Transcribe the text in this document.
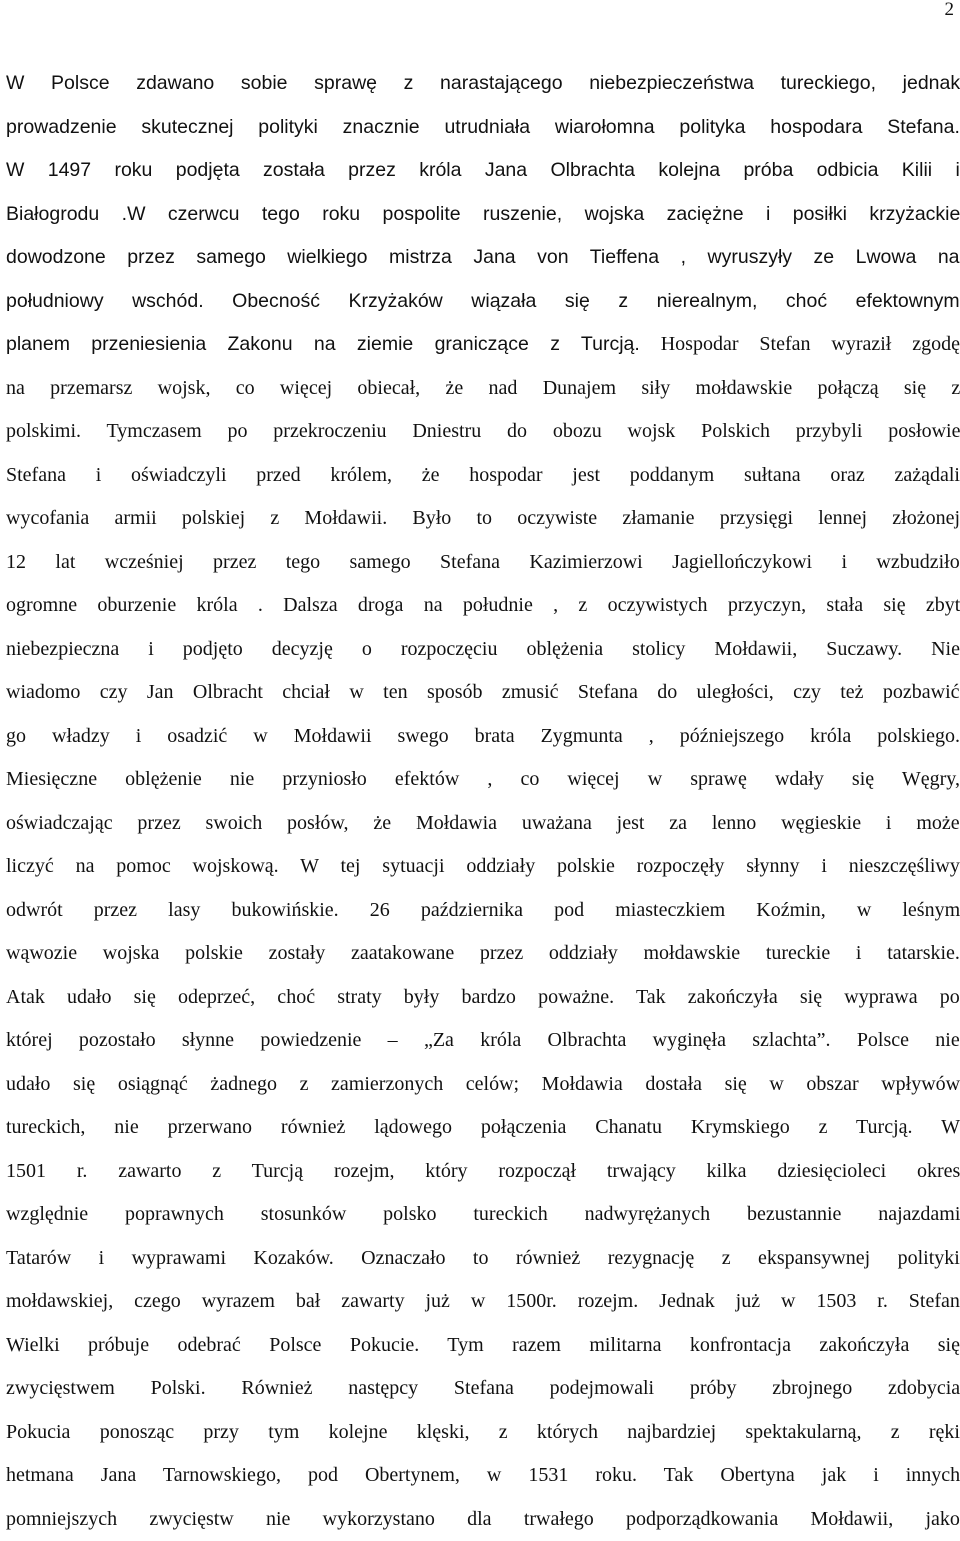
2
W Polsce zdawano sobie sprawę z narastającego niebezpieczeństwa tureckiego, jednak
prowadzenie skutecznej polityki znacznie utrudniała wiarołomna polityka hospodara Stefana.
W 1497 roku podjęta została przez króla Jana Olbrachta kolejna próba odbicia Kilii i
Białogrodu .W czerwcu tego roku pospolite ruszenie, wojska zaciężne i posiłki krzyżackie
dowodzone przez samego wielkiego mistrza Jana von Tieffena , wyruszyły ze Lwowa na
południowy wschód. Obecność Krzyżaków wiązała się z nierealnym, choć efektownym
planem przeniesienia Zakonu na ziemie graniczące z Turcją. Hospodar Stefan wyraził zgodę
na przemarsz wojsk, co więcej obiecał, że nad Dunajem siły mołdawskie połączą się z
polskimi. Tymczasem po przekroczeniu Dniestru do obozu wojsk Polskich przybyli posłowie
Stefana i oświadczyli przed królem, że hospodar jest poddanym sułtana oraz zażądali
wycofania armii polskiej z Mołdawii. Było to oczywiste złamanie przysięgi lennej złożonej
12 lat wcześniej przez tego samego Stefana Kazimierzowi Jagiellończykowi i wzbudziło
ogromne oburzenie króla . Dalsza droga na południe , z oczywistych przyczyn, stała się zbyt
niebezpieczna i podjęto decyzję o rozpoczęciu oblężenia stolicy Mołdawii, Suczawy. Nie
wiadomo czy Jan Olbracht chciał w ten sposób zmusić Stefana do uległości, czy też pozbawić
go władzy i osadzić w Mołdawii swego brata Zygmunta , późniejszego króla polskiego.
Miesięczne oblężenie nie przyniosło efektów , co więcej w sprawę wdały się Węgry,
oświadczając przez swoich posłów, że Mołdawia uważana jest za lenno węgieskie i może
liczyć na pomoc wojskową. W tej sytuacji oddziały polskie rozpoczęły słynny i nieszczęśliwy
odwrót przez lasy bukowińskie. 26 października pod miasteczkiem Koźmin, w leśnym
wąwozie wojska polskie zostały zaatakowane przez oddziały mołdawskie tureckie i tatarskie.
Atak udało się odeprzeć, choć straty były bardzo poważne. Tak zakończyła się wyprawa po
której pozostało słynne powiedzenie – „Za króla Olbrachta wyginęła szlachta”. Polsce nie
udało się osiągnąć żadnego z zamierzonych celów; Mołdawia dostała się w obszar wpływów
tureckich, nie przerwano również lądowego połączenia Chanatu Krymskiego z Turcją. W
1501 r. zawarto z Turcją rozejm, który rozpoczął trwający kilka dziesięcioleci okres
względnie poprawnych stosunków polsko tureckich nadwyrężanych bezustannie najazdami
Tatarów i wyprawami Kozaków. Oznaczało to również rezygnację z ekspansywnej polityki
mołdawskiej, czego wyrazem bał zawarty już w 1500r. rozejm. Jednak już w 1503 r. Stefan
Wielki próbuje odebrać Polsce Pokucie. Tym razem militarna konfrontacja zakończyła się
zwycięstwem Polski. Również następcy Stefana podejmowali próby zbrojnego zdobycia
Pokucia ponosząc przy tym kolejne klęski, z których najbardziej spektakularną, z ręki
hetmana Jana Tarnowskiego, pod Obertynem, w 1531 roku. Tak Obertyna jak i innych
pomniejszych zwycięstw nie wykorzystano dla trwałego podporządkowania Mołdawii, jako
